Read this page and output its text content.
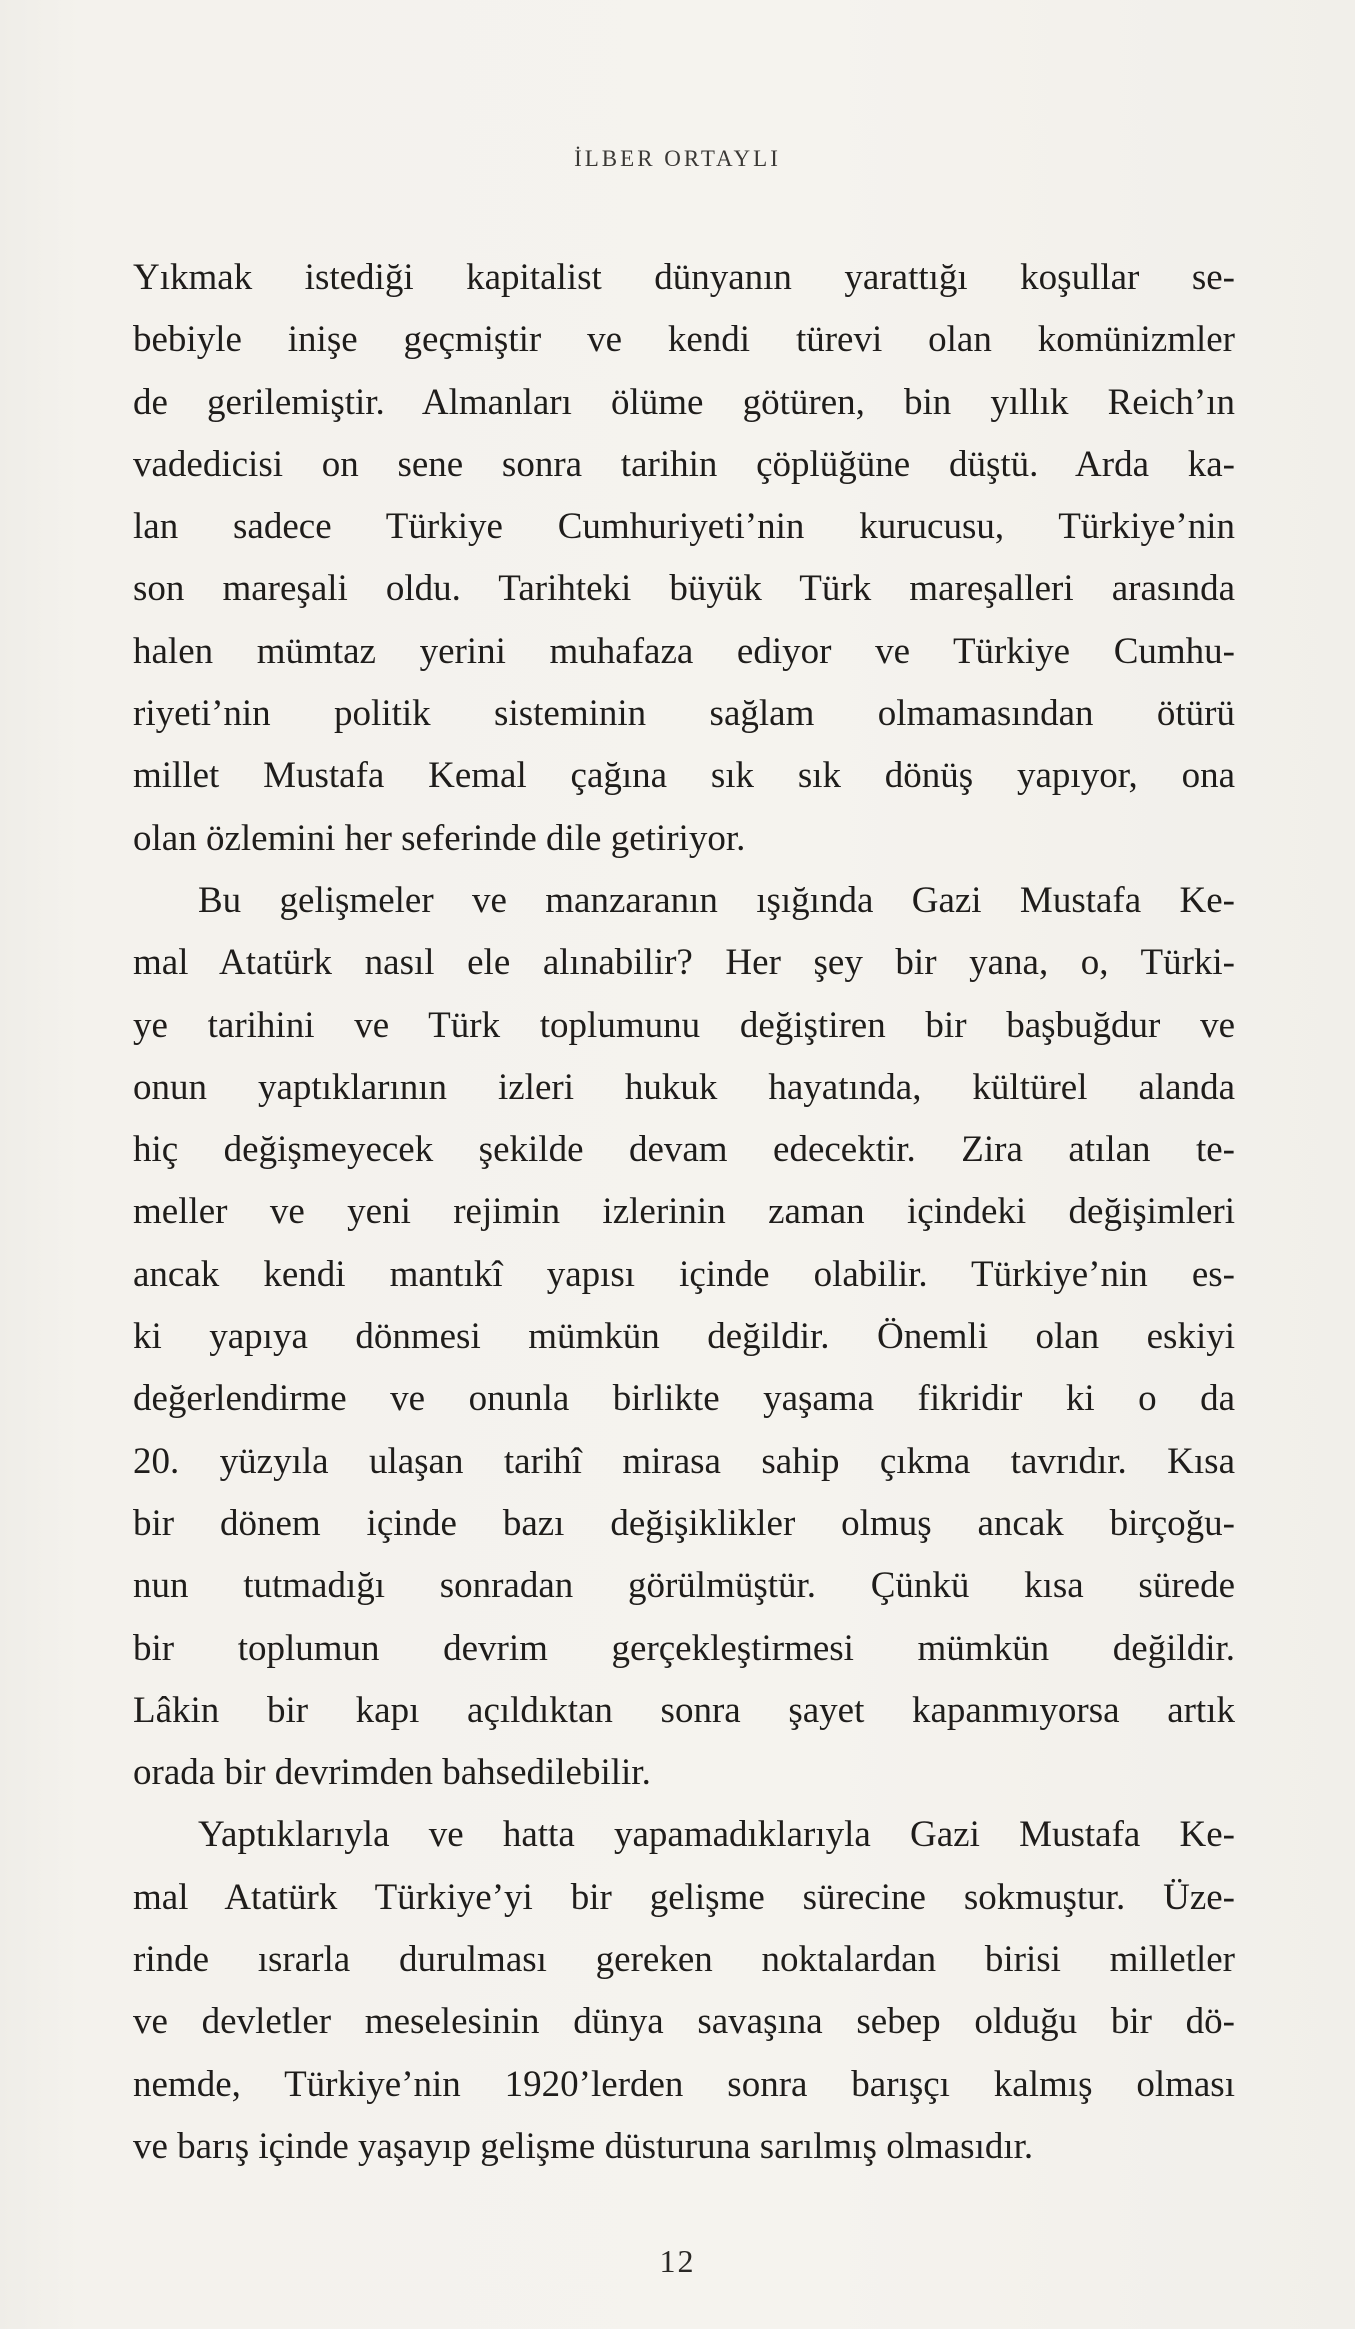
İLBER ORTAYLI
Yıkmak istediği kapitalist dünyanın yarattığı koşullar se-
bebiyle inişe geçmiştir ve kendi türevi olan komünizmler
de gerilemiştir. Almanları ölüme götüren, bin yıllık Reich’ın
vadedicisi on sene sonra tarihin çöplüğüne düştü. Arda ka-
lan sadece Türkiye Cumhuriyeti’nin kurucusu, Türkiye’nin
son mareşali oldu. Tarihteki büyük Türk mareşalleri arasında
halen mümtaz yerini muhafaza ediyor ve Türkiye Cumhu-
riyeti’nin politik sisteminin sağlam olmamasından ötürü
millet Mustafa Kemal çağına sık sık dönüş yapıyor, ona
olan özlemini her seferinde dile getiriyor.
Bu gelişmeler ve manzaranın ışığında Gazi Mustafa Ke-
mal Atatürk nasıl ele alınabilir? Her şey bir yana, o, Türki-
ye tarihini ve Türk toplumunu değiştiren bir başbuğdur ve
onun yaptıklarının izleri hukuk hayatında, kültürel alanda
hiç değişmeyecek şekilde devam edecektir. Zira atılan te-
meller ve yeni rejimin izlerinin zaman içindeki değişimleri
ancak kendi mantıkî yapısı içinde olabilir. Türkiye’nin es-
ki yapıya dönmesi mümkün değildir. Önemli olan eskiyi
değerlendirme ve onunla birlikte yaşama fikridir ki o da
20. yüzyıla ulaşan tarihî mirasa sahip çıkma tavrıdır. Kısa
bir dönem içinde bazı değişiklikler olmuş ancak birçoğu-
nun tutmadığı sonradan görülmüştür. Çünkü kısa sürede
bir toplumun devrim gerçekleştirmesi mümkün değildir.
Lâkin bir kapı açıldıktan sonra şayet kapanmıyorsa artık
orada bir devrimden bahsedilebilir.
Yaptıklarıyla ve hatta yapamadıklarıyla Gazi Mustafa Ke-
mal Atatürk Türkiye’yi bir gelişme sürecine sokmuştur. Üze-
rinde ısrarla durulması gereken noktalardan birisi milletler
ve devletler meselesinin dünya savaşına sebep olduğu bir dö-
nemde, Türkiye’nin 1920’lerden sonra barışçı kalmış olması
ve barış içinde yaşayıp gelişme düsturuna sarılmış olmasıdır.
12
